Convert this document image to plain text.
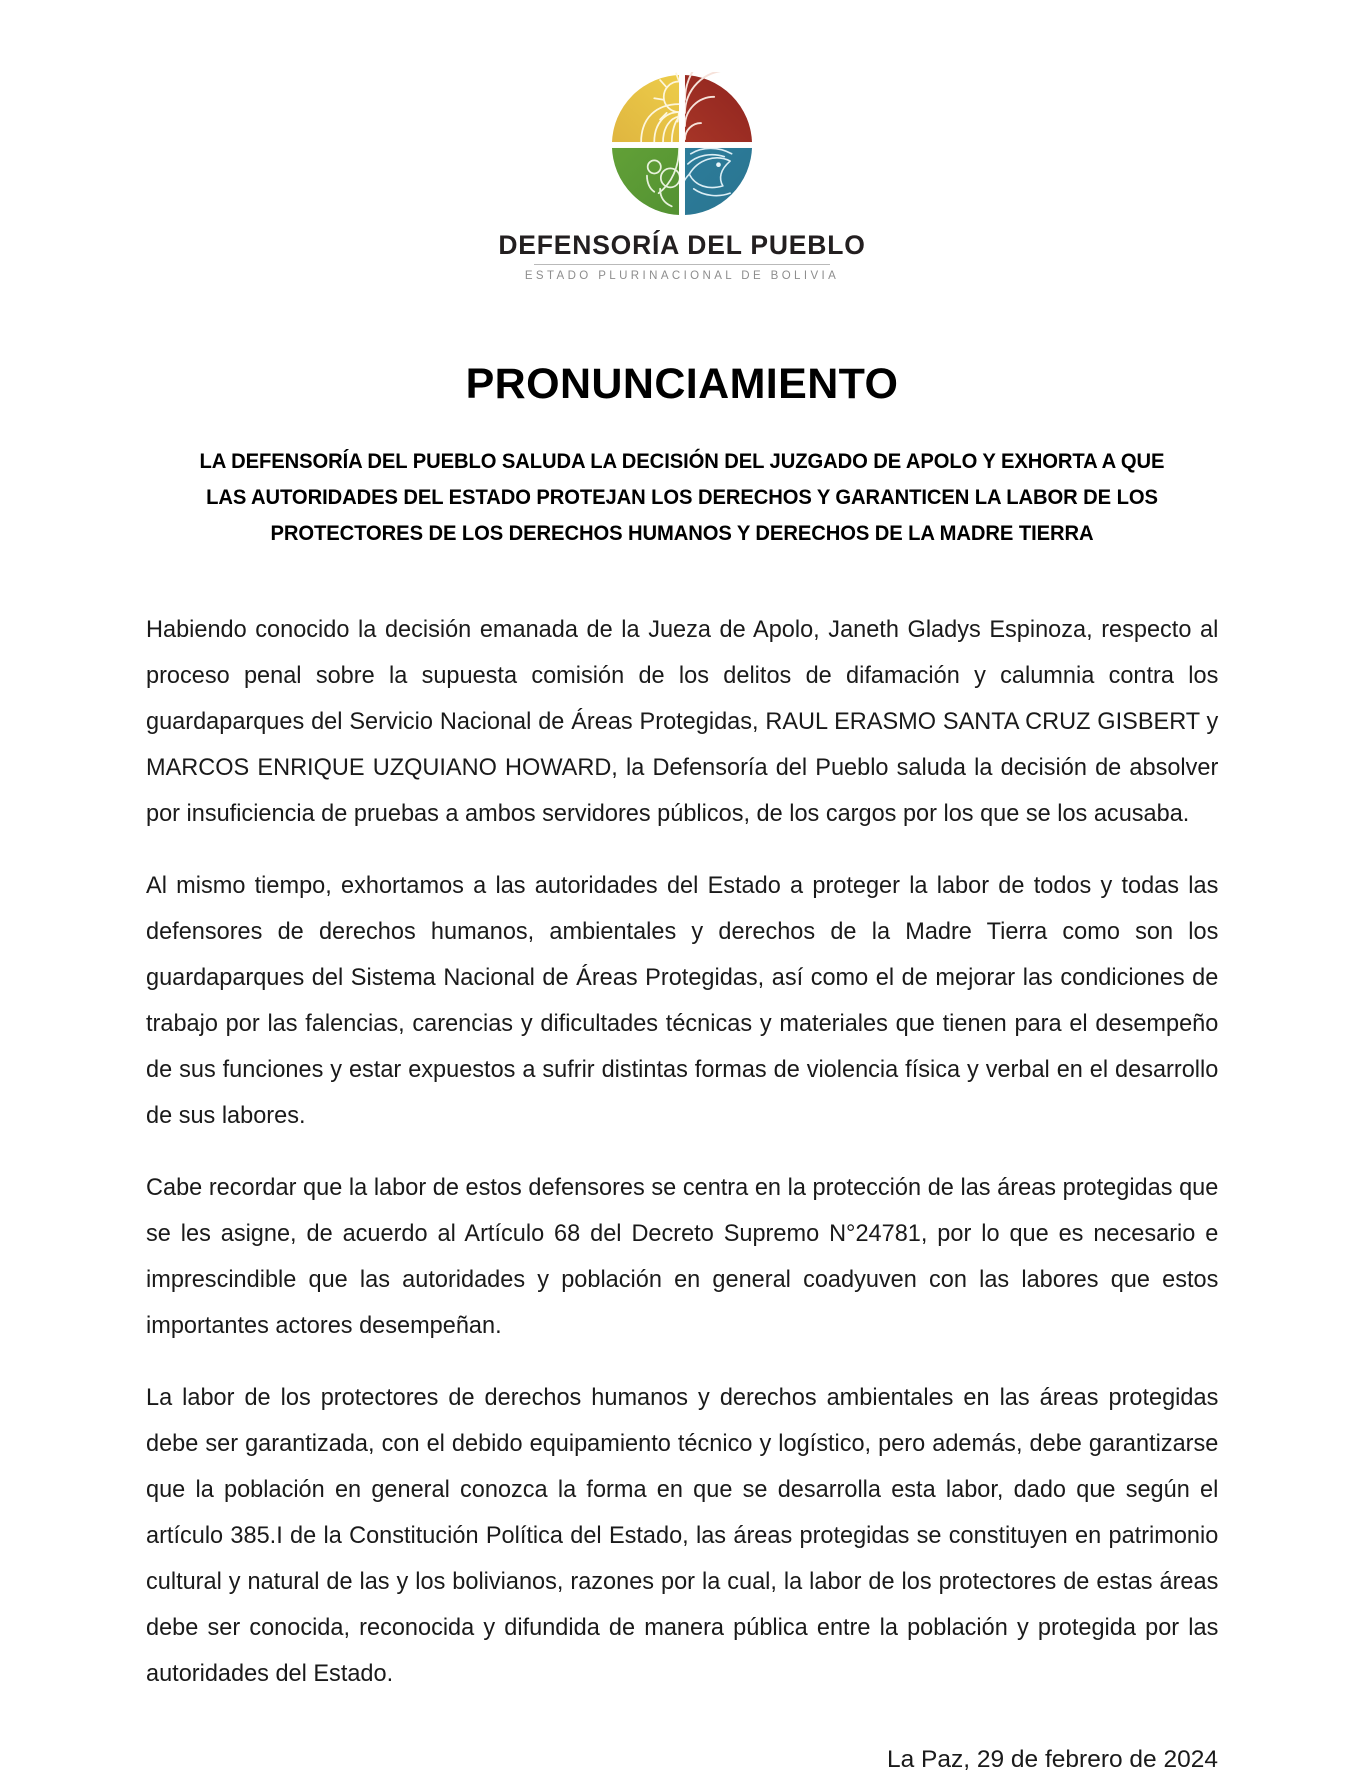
DEFENSORÍA DEL PUEBLO
ESTADO PLURINACIONAL DE BOLIVIA
PRONUNCIAMIENTO
LA DEFENSORÍA DEL PUEBLO SALUDA LA DECISIÓN DEL JUZGADO DE APOLO Y EXHORTA A QUE
LAS AUTORIDADES DEL ESTADO PROTEJAN LOS DERECHOS Y GARANTICEN LA LABOR DE LOS
PROTECTORES DE LOS DERECHOS HUMANOS Y DERECHOS DE LA MADRE TIERRA

Habiendo conocido la decisión emanada de la Jueza de Apolo, Janeth Gladys Espinoza, respecto al proceso penal sobre la supuesta comisión de los delitos de difamación y calumnia contra los guardaparques del Servicio Nacional de Áreas Protegidas, RAUL ERASMO SANTA CRUZ GISBERT y MARCOS ENRIQUE UZQUIANO HOWARD, la Defensoría del Pueblo saluda la decisión de absolver por insuficiencia de pruebas a ambos servidores públicos, de los cargos por los que se los acusaba.

Al mismo tiempo, exhortamos a las autoridades del Estado a proteger la labor de todos y todas las defensores de derechos humanos, ambientales y derechos de la Madre Tierra como son los guardaparques del Sistema Nacional de Áreas Protegidas, así como el de mejorar las condiciones de trabajo por las falencias, carencias y dificultades técnicas y materiales que tienen para el desempeño de sus funciones y estar expuestos a sufrir distintas formas de violencia física y verbal en el desarrollo de sus labores.

Cabe recordar que la labor de estos defensores se centra en la protección de las áreas protegidas que se les asigne, de acuerdo al Artículo 68 del Decreto Supremo N°24781, por lo que es necesario e imprescindible que las autoridades y población en general coadyuven con las labores que estos importantes actores desempeñan.

La labor de los protectores de derechos humanos y derechos ambientales en las áreas protegidas debe ser garantizada, con el debido equipamiento técnico y logístico, pero además, debe garantizarse que la población en general conozca la forma en que se desarrolla esta labor, dado que según el artículo 385.I de la Constitución Política del Estado, las áreas protegidas se constituyen en patrimonio cultural y natural de las y los bolivianos, razones por la cual, la labor de los protectores de estas áreas debe ser conocida, reconocida y difundida de manera pública entre la población y protegida por las autoridades del Estado.

La Paz, 29 de febrero de 2024
